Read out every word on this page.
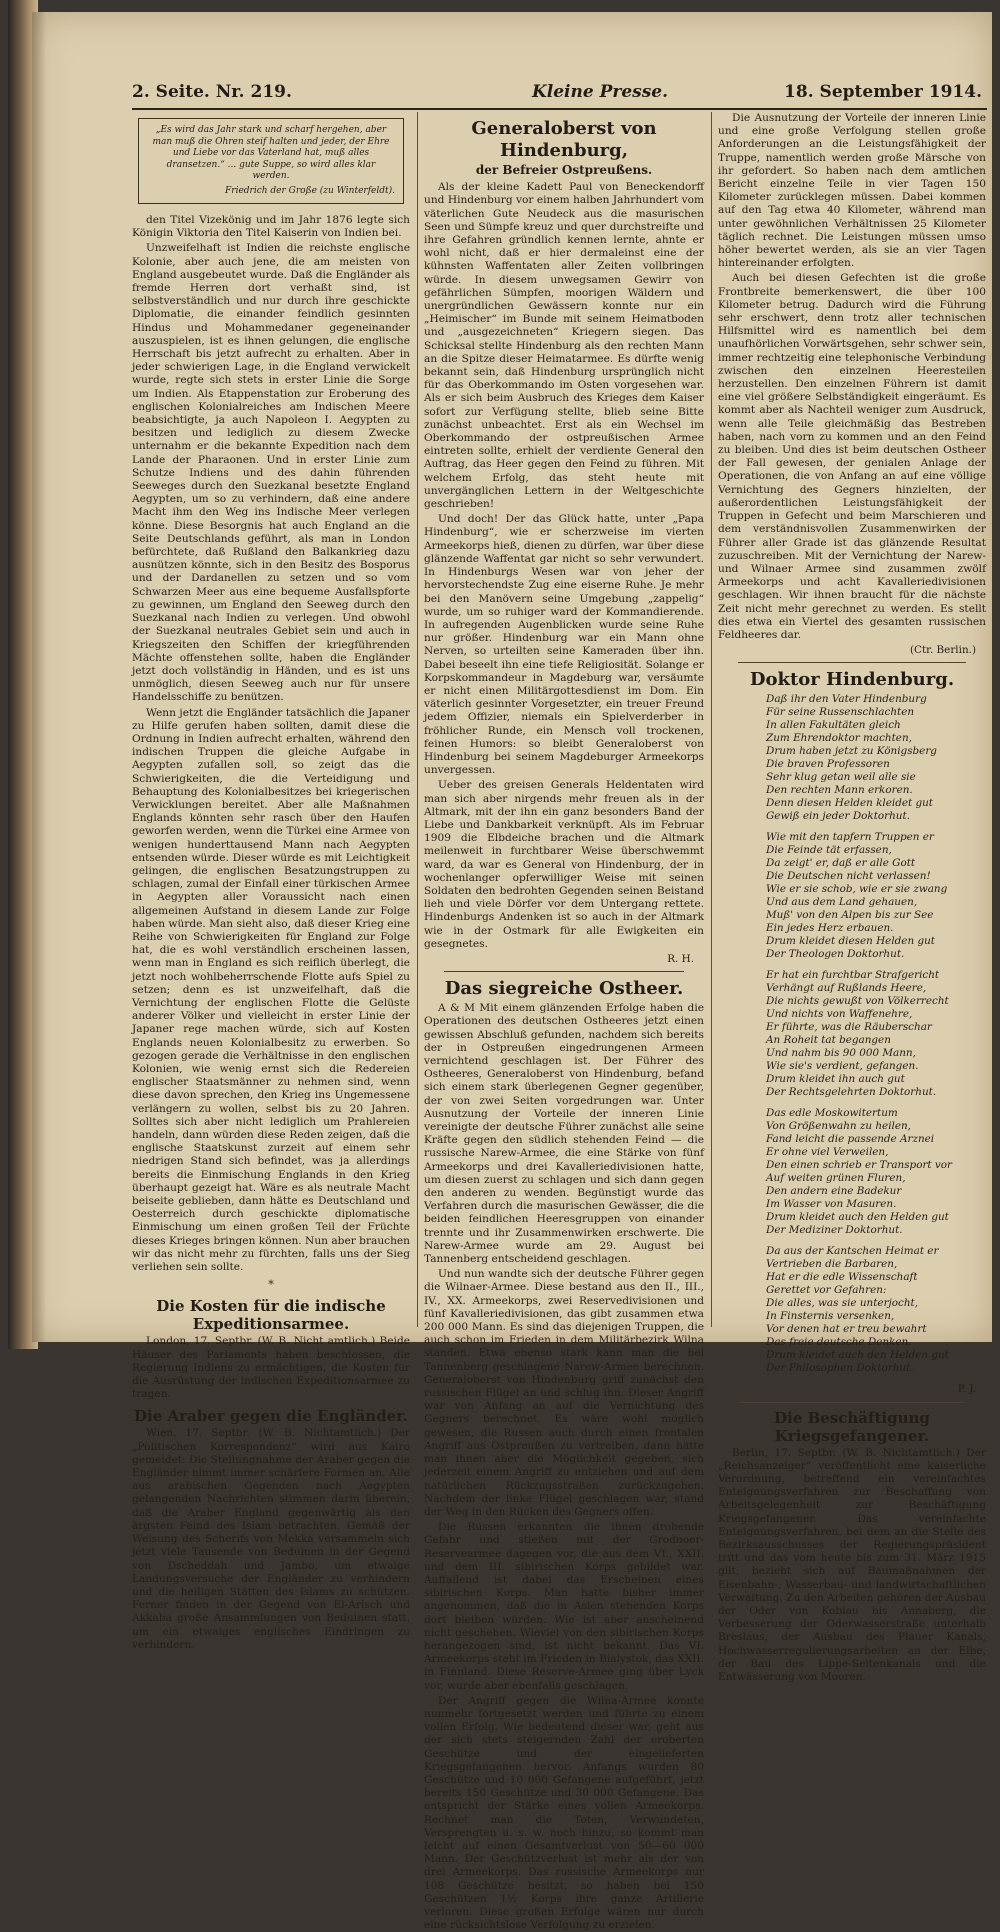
2. Seite. Nr. 219.	Kleine Presse.	18. September 1914.
„Es wird das Jahr stark und scharf hergehen, aber man muß die Ohren steif halten und jeder, der Ehre und Liebe vor das Vaterland hat, muß alles dransetzen.“ ... gute Suppe, so wird alles klar werden.
Friedrich der Große (zu Winterfeldt).

den Titel Vizekönig und im Jahr 1876 legte sich Königin Viktoria den Titel Kaiserin von Indien bei.

Unzweifelhaft ist Indien die reichste englische Kolonie, aber auch jene, die am meisten von England ausgebeutet wurde. Daß die Engländer als fremde Herren dort verhaßt sind, ist selbstverständlich und nur durch ihre geschickte Diplomatie, die einander feindlich gesinnten Hindus und Mohammedaner gegeneinander auszuspielen, ist es ihnen gelungen, die englische Herrschaft bis jetzt aufrecht zu erhalten. Aber in jeder schwierigen Lage, in die England verwickelt wurde, regte sich stets in erster Linie die Sorge um Indien. Als Etappenstation zur Eroberung des englischen Kolonialreiches am Indischen Meere beabsichtigte, ja auch Napoleon I. Aegypten zu besitzen und lediglich zu diesem Zwecke unternahm er die bekannte Expedition nach dem Lande der Pharaonen. Und in erster Linie zum Schutze Indiens und des dahin führenden Seeweges durch den Suezkanal besetzte England Aegypten, um so zu verhindern, daß eine andere Macht ihm den Weg ins Indische Meer verlegen könne. Diese Besorgnis hat auch England an die Seite Deutschlands geführt, als man in London befürchtete, daß Rußland den Balkankrieg dazu ausnützen könnte, sich in den Besitz des Bosporus und der Dardanellen zu setzen und so vom Schwarzen Meer aus eine bequeme Ausfallspforte zu gewinnen, um England den Seeweg durch den Suezkanal nach Indien zu verlegen. Und obwohl der Suezkanal neutrales Gebiet sein und auch in Kriegszeiten den Schiffen der kriegführenden Mächte offenstehen sollte, haben die Engländer jetzt doch vollständig in Händen, und es ist uns unmöglich, diesen Seeweg auch nur für unsere Handelsschiffe zu benützen.

Wenn jetzt die Engländer tatsächlich die Japaner zu Hilfe gerufen haben sollten, damit diese die Ordnung in Indien aufrecht erhalten, während den indischen Truppen die gleiche Aufgabe in Aegypten zufallen soll, so zeigt das die Schwierigkeiten, die die Verteidigung und Behauptung des Kolonialbesitzes bei kriegerischen Verwicklungen bereitet. Aber alle Maßnahmen Englands könnten sehr rasch über den Haufen geworfen werden, wenn die Türkei eine Armee von wenigen hunderttausend Mann nach Aegypten entsenden würde. Dieser würde es mit Leichtigkeit gelingen, die englischen Besatzungstruppen zu schlagen, zumal der Einfall einer türkischen Armee in Aegypten aller Voraussicht nach einen allgemeinen Aufstand in diesem Lande zur Folge haben würde. Man sieht also, daß dieser Krieg eine Reihe von Schwierigkeiten für England zur Folge hat, die es wohl verständlich erscheinen lassen, wenn man in England es sich reiflich überlegt, die jetzt noch wohlbeherrschende Flotte aufs Spiel zu setzen; denn es ist unzweifelhaft, daß die Vernichtung der englischen Flotte die Gelüste anderer Völker und vielleicht in erster Linie der Japaner rege machen würde, sich auf Kosten Englands neuen Kolonialbesitz zu erwerben. So gezogen gerade die Verhältnisse in den englischen Kolonien, wie wenig ernst sich die Redereien englischer Staatsmänner zu nehmen sind, wenn diese davon sprechen, den Krieg ins Ungemessene verlängern zu wollen, selbst bis zu 20 Jahren. Solltes sich aber nicht lediglich um Prahlereien handeln, dann würden diese Reden zeigen, daß die englische Staatskunst zurzeit auf einem sehr niedrigen Stand sich befindet, was ja allerdings bereits die Einmischung Englands in den Krieg überhaupt gezeigt hat. Wäre es als neutrale Macht beiseite geblieben, dann hätte es Deutschland und Oesterreich durch geschickte diplomatische Einmischung um einen großen Teil der Früchte dieses Krieges bringen können. Nun aber brauchen wir das nicht mehr zu fürchten, falls uns der Sieg verliehen sein sollte.

*
Die Kosten für die indische Expeditionsarmee.

London, 17. Septbr. (W. B. Nicht amtlich.) Beide Häuser des Parlaments haben beschlossen, die Regierung Indiens zu ermächtigen, die Kosten für die Ausrüstung der indischen Expeditionsarmee zu tragen.

Die Araber gegen die Engländer.

Wien, 17. Septbr. (W. B. Nichtamtlich.) Der „Politischen Korrespondenz“ wird aus Kairo gemeldet: Die Stellungnahme der Araber gegen die Engländer nimmt immer schärfere Formen an. Alle aus arabischen Gegenden nach Aegypten gelangenden Nachrichten stimmen darin überein, daß die Araber England gegenwärtig als den ärgsten Feind des Islam betrachten. Gemäß der Weisung des Scherifs von Mekka versammeln sich jetzt viele Tausende von Beduinen in der Gegend von Dscheddah und Jambo, um etwaige Landungsversuche der Engländer zu verhindern und die heiligen Stätten des Islams zu schützen. Ferner finden in der Gegend von El-Arisch und Akkaba große Ansammlungen von Beduinen statt, um ein etwaiges englisches Eindringen zu verhindern.

Generaloberst von Hindenburg,
der Befreier Ostpreußens.

Als der kleine Kadett Paul von Beneckendorff und Hindenburg vor einem halben Jahrhundert vom väterlichen Gute Neudeck aus die masurischen Seen und Sümpfe kreuz und quer durchstreifte und ihre Gefahren gründlich kennen lernte, ahnte er wohl nicht, daß er hier dermaleinst eine der kühnsten Waffentaten aller Zeiten vollbringen würde. In diesem unwegsamen Gewirr von gefährlichen Sümpfen, moorigen Wäldern und unergründlichen Gewässern konnte nur ein „Heimischer“ im Bunde mit seinem Heimatboden und „ausgezeichneten“ Kriegern siegen. Das Schicksal stellte Hindenburg als den rechten Mann an die Spitze dieser Heimatarmee. Es dürfte wenig bekannt sein, daß Hindenburg ursprünglich nicht für das Oberkommando im Osten vorgesehen war. Als er sich beim Ausbruch des Krieges dem Kaiser sofort zur Verfügung stellte, blieb seine Bitte zunächst unbeachtet. Erst als ein Wechsel im Oberkommando der ostpreußischen Armee eintreten sollte, erhielt der verdiente General den Auftrag, das Heer gegen den Feind zu führen. Mit welchem Erfolg, das steht heute mit unvergänglichen Lettern in der Weltgeschichte geschrieben!

Und doch! Der das Glück hatte, unter „Papa Hindenburg“, wie er scherzweise im vierten Armeekorps hieß, dienen zu dürfen, war über diese glänzende Waffentat gar nicht so sehr verwundert. In Hindenburgs Wesen war von jeher der hervorstechendste Zug eine eiserne Ruhe. Je mehr bei den Manövern seine Umgebung „zappelig“ wurde, um so ruhiger ward der Kommandierende. In aufregenden Augenblicken wurde seine Ruhe nur größer. Hindenburg war ein Mann ohne Nerven, so urteilten seine Kameraden über ihn. Dabei beseelt ihn eine tiefe Religiosität. Solange er Korpskommandeur in Magdeburg war, versäumte er nicht einen Militärgottesdienst im Dom. Ein väterlich gesinnter Vorgesetzter, ein treuer Freund jedem Offizier, niemals ein Spielverderber in fröhlicher Runde, ein Mensch voll trockenen, feinen Humors: so bleibt Generaloberst von Hindenburg bei seinem Magdeburger Armeekorps unvergessen.

Ueber des greisen Generals Heldentaten wird man sich aber nirgends mehr freuen als in der Altmark, mit der ihn ein ganz besonders Band der Liebe und Dankbarkeit verknüpft. Als im Februar 1909 die Elbdeiche brachen und die Altmark meilenweit in furchtbarer Weise überschwemmt ward, da war es General von Hindenburg, der in wochenlanger opferwilliger Weise mit seinen Soldaten den bedrohten Gegenden seinen Beistand lieh und viele Dörfer vor dem Untergang rettete. Hindenburgs Andenken ist so auch in der Altmark wie in der Ostmark für alle Ewigkeiten ein gesegnetes.

R. H.
Das siegreiche Ostheer.

A & M Mit einem glänzenden Erfolge haben die Operationen des deutschen Ostheeres jetzt einen gewissen Abschluß gefunden, nachdem sich bereits der in Ostpreußen eingedrungenen Armeen vernichtend geschlagen ist. Der Führer des Ostheeres, Generaloberst von Hindenburg, befand sich einem stark überlegenen Gegner gegenüber, der von zwei Seiten vorgedrungen war. Unter Ausnutzung der Vorteile der inneren Linie vereinigte der deutsche Führer zunächst alle seine Kräfte gegen den südlich stehenden Feind — die russische Narew-Armee, die eine Stärke von fünf Armeekorps und drei Kavalleriedivisionen hatte, um diesen zuerst zu schlagen und sich dann gegen den anderen zu wenden. Begünstigt wurde das Verfahren durch die masurischen Gewässer, die die beiden feindlichen Heeresgruppen von einander trennte und ihr Zusammenwirken erschwerte. Die Narew-Armee wurde am 29. August bei Tannenberg entscheidend geschlagen.

Und nun wandte sich der deutsche Führer gegen die Wilnaer-Armee. Diese bestand aus den II., III., IV., XX. Armeekorps, zwei Reservedivisionen und fünf Kavalleriedivisionen, das gibt zusammen etwa 200 000 Mann. Es sind das diejenigen Truppen, die auch schon im Frieden in dem Militärbezirk Wilna standen. Etwa ebenso stark kann man die bei Tannenberg geschlagene Narew-Armee berechnen. Generaloberst von Hindenburg griff zunächst den russischen Flügel an und schlug ihn. Dieser Angriff war von Anfang an auf die Vernichtung des Gegners berechnet. Es wäre wohl möglich gewesen, die Russen auch durch einen frontalen Angriff aus Ostpreußen zu vertreiben, dann hätte man ihnen aber die Möglichkeit gegeben, sich jederzeit einem Angriff zu entziehen und auf dem natürlichen Rückzugsstraßen zurückzugehen. Nachdem der linke Flügel geschlagen war, stand der Weg in den Rücken des Gegners offen.

Die Russen erkannten die ihnen drohende Gefahr und stießen mit der Grodnoer-Reservearmee dagegen vor, die aus dem VI., XXII. und dem III. sibirischen Korps gebildet war. Auffallend ist dabei das Erscheinen eines sibirischen Korps. Man hatte bisher immer angenommen, daß die in Asien stehenden Korps dort bleiben würden. Wie ist aber anscheinend nicht geschehen. Wieviel von den sibirischen Korps herangezogen sind, ist nicht bekannt. Das VI. Armeekorps steht im Frieden in Bialystok, das XXII. in Finnland. Diese Reserve-Armee ging über Lyck vor, wurde aber ebenfalls geschlagen.

Der Angriff gegen die Wilna-Armee konnte nunmehr fortgesetzt werden und führte zu einem vollen Erfolg. Wie bedeutend dieser war, geht aus der sich stets steigernden Zahl der eroberten Geschütze und der eingelieferten Kriegsgefangenen hervor. Anfangs wurden 80 Geschütze und 10 000 Gefangene aufgeführt, jetzt bereits 150 Geschütze und 30 000 Gefangene. Das entspricht der Stärke eines vollen Armeekorps. Rechnet man die Toten, Verwundeten, Versprengten u. s. w. noch hinzu, so kommt man leicht auf einen Gesamtverlust von 50—60 000 Mann. Der Geschützverlust ist mehr als der von drei Armeekorps. Das russische Armeekorps nur 108 Geschütze besitzt, so haben bei 150 Geschützen 1½ Korps ihre ganze Artillerie verloren. Diese großen Erfolge wären nur durch eine rücksichtslose Verfolgung zu erzielen.

Die Ausnutzung der Vorteile der inneren Linie und eine große Verfolgung stellen große Anforderungen an die Leistungsfähigkeit der Truppe, namentlich werden große Märsche von ihr gefordert. So haben nach dem amtlichen Bericht einzelne Teile in vier Tagen 150 Kilometer zurücklegen müssen. Dabei kommen auf den Tag etwa 40 Kilometer, während man unter gewöhnlichen Verhältnissen 25 Kilometer täglich rechnet. Die Leistungen müssen umso höher bewertet werden, als sie an vier Tagen hintereinander erfolgten.

Auch bei diesen Gefechten ist die große Frontbreite bemerkenswert, die über 100 Kilometer betrug. Dadurch wird die Führung sehr erschwert, denn trotz aller technischen Hilfsmittel wird es namentlich bei dem unaufhörlichen Vorwärtsgehen, sehr schwer sein, immer rechtzeitig eine telephonische Verbindung zwischen den einzelnen Heeresteilen herzustellen. Den einzelnen Führern ist damit eine viel größere Selbständigkeit eingeräumt. Es kommt aber als Nachteil weniger zum Ausdruck, wenn alle Teile gleichmäßig das Bestreben haben, nach vorn zu kommen und an den Feind zu bleiben. Und dies ist beim deutschen Ostheer der Fall gewesen, der genialen Anlage der Operationen, die von Anfang an auf eine völlige Vernichtung des Gegners hinzielten, der außerordentlichen Leistungsfähigkeit der Truppen in Gefecht und beim Marschieren und dem verständnisvollen Zusammenwirken der Führer aller Grade ist das glänzende Resultat zuzuschreiben. Mit der Vernichtung der Narew- und Wilnaer Armee sind zusammen zwölf Armeekorps und acht Kavalleriedivisionen geschlagen. Wir ihnen braucht für die nächste Zeit nicht mehr gerechnet zu werden. Es stellt dies etwa ein Viertel des gesamten russischen Feldheeres dar.

(Ctr. Berlin.)
Doktor Hindenburg.
Daß ihr den Vater Hindenburg
Für seine Russenschlachten
In allen Fakultäten gleich
Zum Ehrendoktor machten,
Drum haben jetzt zu Königsberg
Die braven Professoren
Sehr klug getan weil alle sie
Den rechten Mann erkoren.
Denn diesen Helden kleidet gut
Gewiß ein jeder Doktorhut.
Wie mit den tapfern Truppen er
Die Feinde tät erfassen,
Da zeigt' er, daß er alle Gott
Die Deutschen nicht verlassen!
Wie er sie schob, wie er sie zwang
Und aus dem Land gehauen,
Muß' von den Alpen bis zur See
Ein jedes Herz erbauen.
Drum kleidet diesen Helden gut
Der Theologen Doktorhut.
Er hat ein furchtbar Strafgericht
Verhängt auf Rußlands Heere,
Die nichts gewußt von Völkerrecht
Und nichts von Waffenehre,
Er führte, was die Räuberschar
An Roheit tat begangen
Und nahm bis 90 000 Mann,
Wie sie's verdient, gefangen.
Drum kleidet ihn auch gut
Der Rechtsgelehrten Doktorhut.
Das edle Moskowitertum
Von Größenwahn zu heilen,
Fand leicht die passende Arznei
Er ohne viel Verweilen,
Den einen schrieb er Transport vor
Auf weiten grünen Fluren,
Den andern eine Badekur
Im Wasser von Masuren.
Drum kleidet auch den Helden gut
Der Mediziner Doktorhut.
Da aus der Kantschen Heimat er
Vertrieben die Barbaren,
Hat er die edle Wissenschaft
Gerettet vor Gefahren:
Die alles, was sie unterjocht,
In Finsternis versenken,
Vor denen hat er treu bewahrt
Das freie deutsche Denken.
Drum kleidet auch den Helden gut
Der Philosophen Doktorhut.
P. J.
Die Beschäftigung Kriegsgefangener.

Berlin, 17. Septbr. (W. B. Nichtamtlich.) Der „Reichsanzeiger“ veröffentlicht eine kaiserliche Verordnung, betreffend ein vereinfachtes Enteignungsverfahren zur Beschaffung von Arbeitsgelegenheit zur Beschäftigung Kriegsgefangener. Das vereinfachte Enteignungsverfahren, bei dem an die Stelle des Bezirksausschusses der Regierungspräsident tritt und das vom heute bis zum 31. März 1915 gilt, bezieht sich auf Baumaßnahmen der Eisenbahn-, Wasserbau- und landwirtschaftlichen Verwaltung. Zu den Arbeiten gehören der Ausbau der Oder von Koblau bis Annaberg, die Verbesserung der Oderwasserstraße unterhalb Breslaus, der Ausbau des Plauer Kanals, Hochwasserregulierungsarbeiten an der Elbe, der Bau des Lippe-Seitenkanals und die Entwässerung von Mooren.
